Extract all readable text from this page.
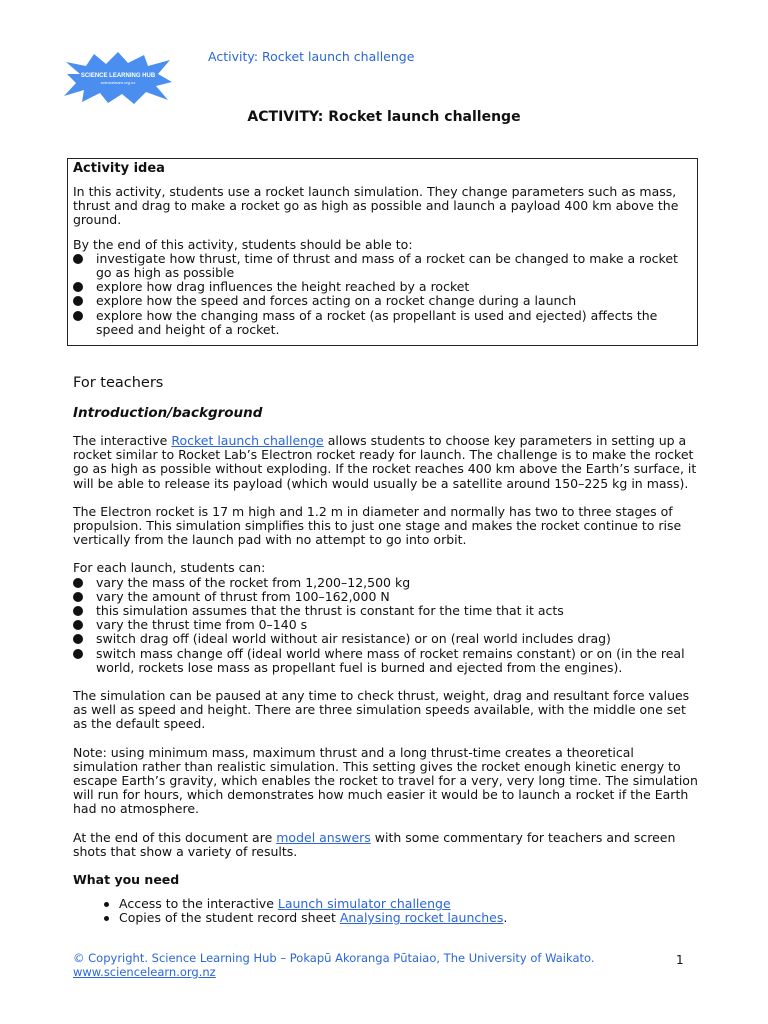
SCIENCE LEARNING HUB
sciencelearn.org.nz
Activity: Rocket launch challenge
ACTIVITY: Rocket launch challenge
Activity idea

In this activity, students use a rocket launch simulation. They change parameters such as mass, thrust and drag to make a rocket go as high as possible and launch a payload 400 km above the ground.

By the end of this activity, students should be able to:

investigate how thrust, time of thrust and mass of a rocket can be changed to make a rocket go as high as possible
explore how drag influences the height reached by a rocket
explore how the speed and forces acting on a rocket change during a launch
explore how the changing mass of a rocket (as propellant is used and ejected) affects the speed and height of a rocket.
For teachers
Introduction/background

The interactive Rocket launch challenge allows students to choose key parameters in setting up a rocket similar to Rocket Lab’s Electron rocket ready for launch. The challenge is to make the rocket go as high as possible without exploding. If the rocket reaches 400 km above the Earth’s surface, it will be able to release its payload (which would usually be a satellite around 150–225 kg in mass).

The Electron rocket is 17 m high and 1.2 m in diameter and normally has two to three stages of propulsion. This simulation simplifies this to just one stage and makes the rocket continue to rise vertically from the launch pad with no attempt to go into orbit.

For each launch, students can:

vary the mass of the rocket from 1,200–12,500 kg
vary the amount of thrust from 100–162,000 N
this simulation assumes that the thrust is constant for the time that it acts
vary the thrust time from 0–140 s
switch drag off (ideal world without air resistance) or on (real world includes drag)
switch mass change off (ideal world where mass of rocket remains constant) or on (in the real world, rockets lose mass as propellant fuel is burned and ejected from the engines).

The simulation can be paused at any time to check thrust, weight, drag and resultant force values as well as speed and height. There are three simulation speeds available, with the middle one set as the default speed.

Note: using minimum mass, maximum thrust and a long thrust-time creates a theoretical simulation rather than realistic simulation. This setting gives the rocket enough kinetic energy to escape Earth’s gravity, which enables the rocket to travel for a very, very long time. The simulation will run for hours, which demonstrates how much easier it would be to launch a rocket if the Earth had no atmosphere.

At the end of this document are model answers with some commentary for teachers and screen shots that show a variety of results.

What you need
Access to the interactive Launch simulator challenge
Copies of the student record sheet Analysing rocket launches.
© Copyright. Science Learning Hub – Pokapū Akoranga Pūtaiao, The University of Waikato.
www.sciencelearn.org.nz
1
